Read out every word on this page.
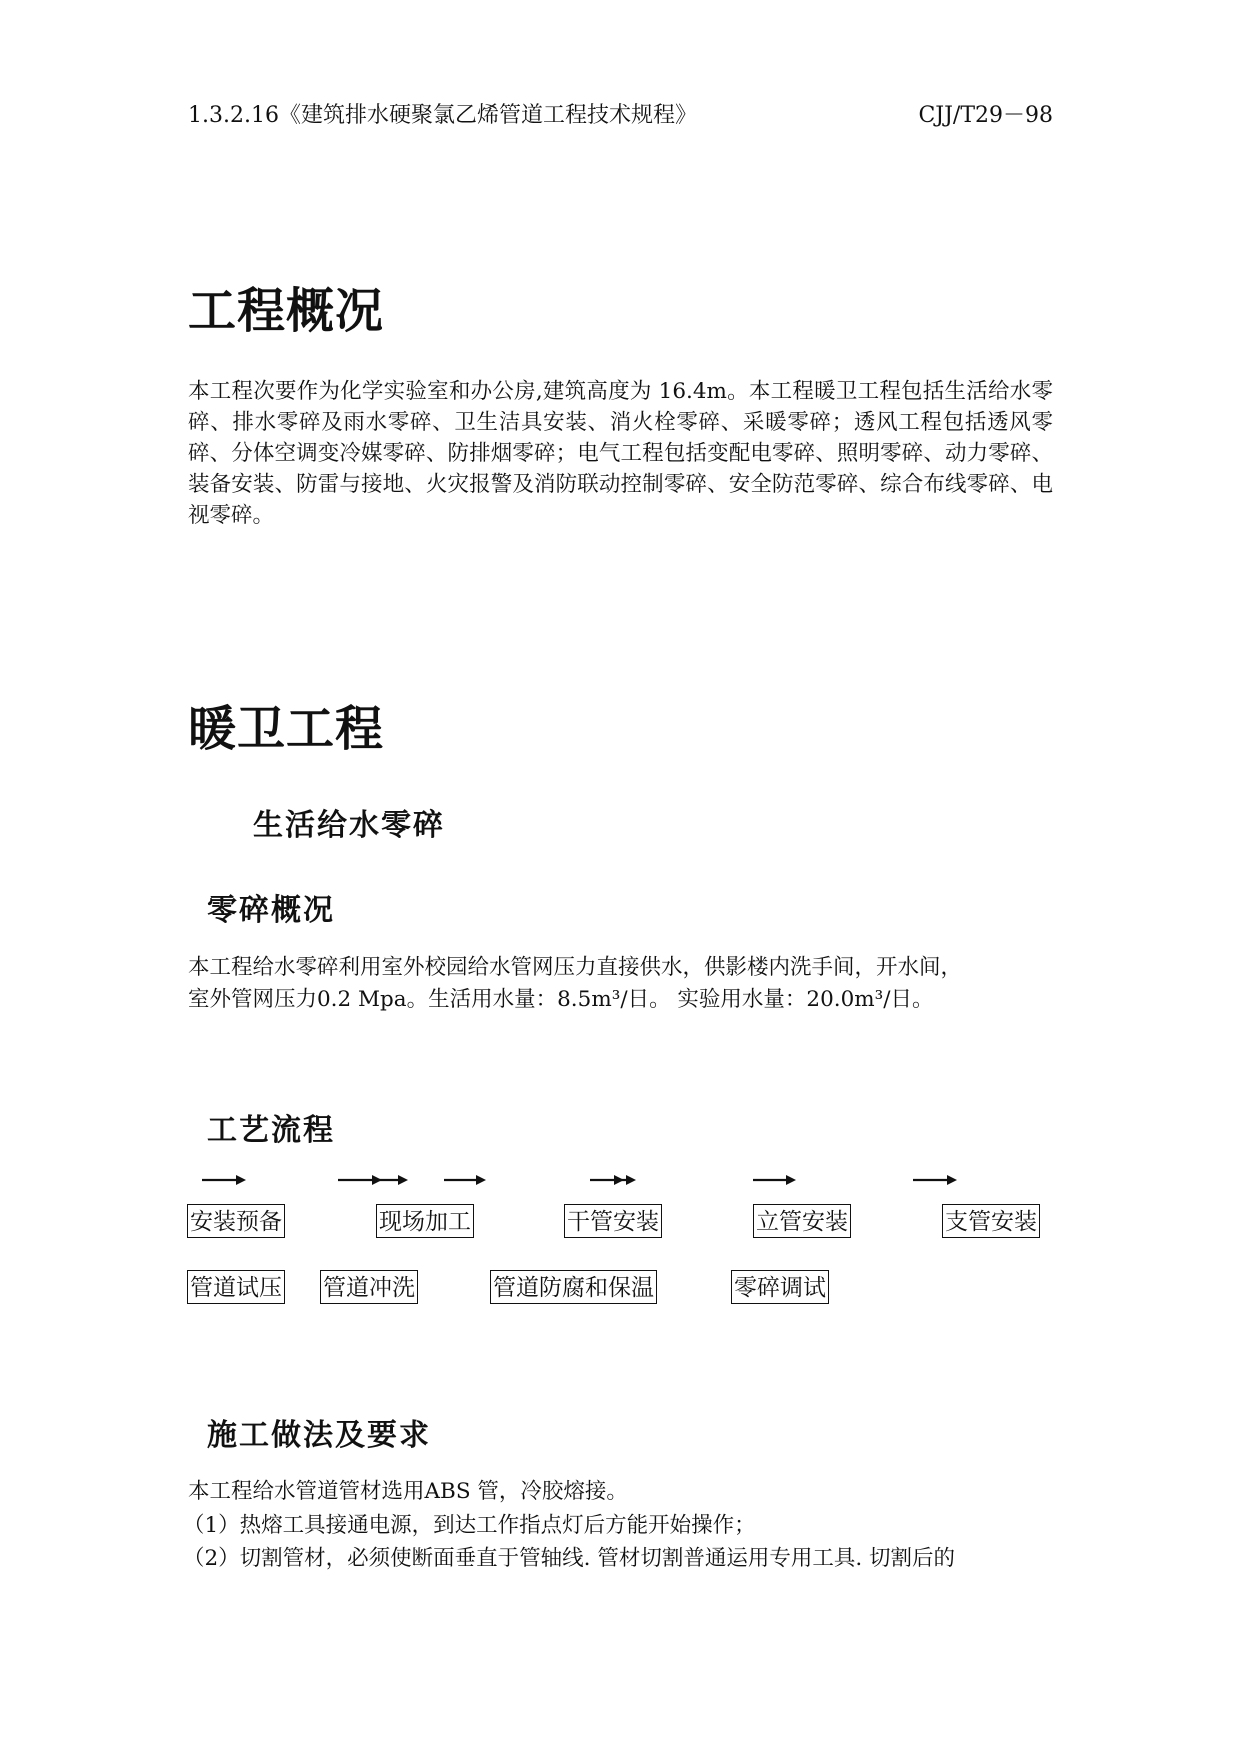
1.3.2.16《建筑排水硬聚氯乙烯管道工程技术规程》	CJJ/T29－98
工程概况
本工程次要作为化学实验室和办公房,建筑高度为 16.4m。本工程暖卫工程包括生活给水零碎、排水零碎及雨水零碎、卫生洁具安装、消火栓零碎、采暖零碎；透风工程包括透风零碎、分体空调变冷媒零碎、防排烟零碎；电气工程包括变配电零碎、照明零碎、动力零碎、装备安装、防雷与接地、火灾报警及消防联动控制零碎、安全防范零碎、综合布线零碎、电视零碎。
暖卫工程
生活给水零碎
零碎概况
本工程给水零碎利用室外校园给水管网压力直接供水，供影楼内洗手间，开水间，
室外管网压力0.2 Mpa。生活用水量：8.5m³/日。 实验用水量：20.0m³/日。
工艺流程
安装预备	现场加工	干管安装	立管安装	支管安装
管道试压 管道冲洗	管道防腐和保温	零碎调试
施工做法及要求
本工程给水管道管材选用ABS 管，冷胶熔接。
（1）热熔工具接通电源，到达工作指点灯后方能开始操作；
（2）切割管材，必须使断面垂直于管轴线. 管材切割普通运用专用工具. 切割后的
